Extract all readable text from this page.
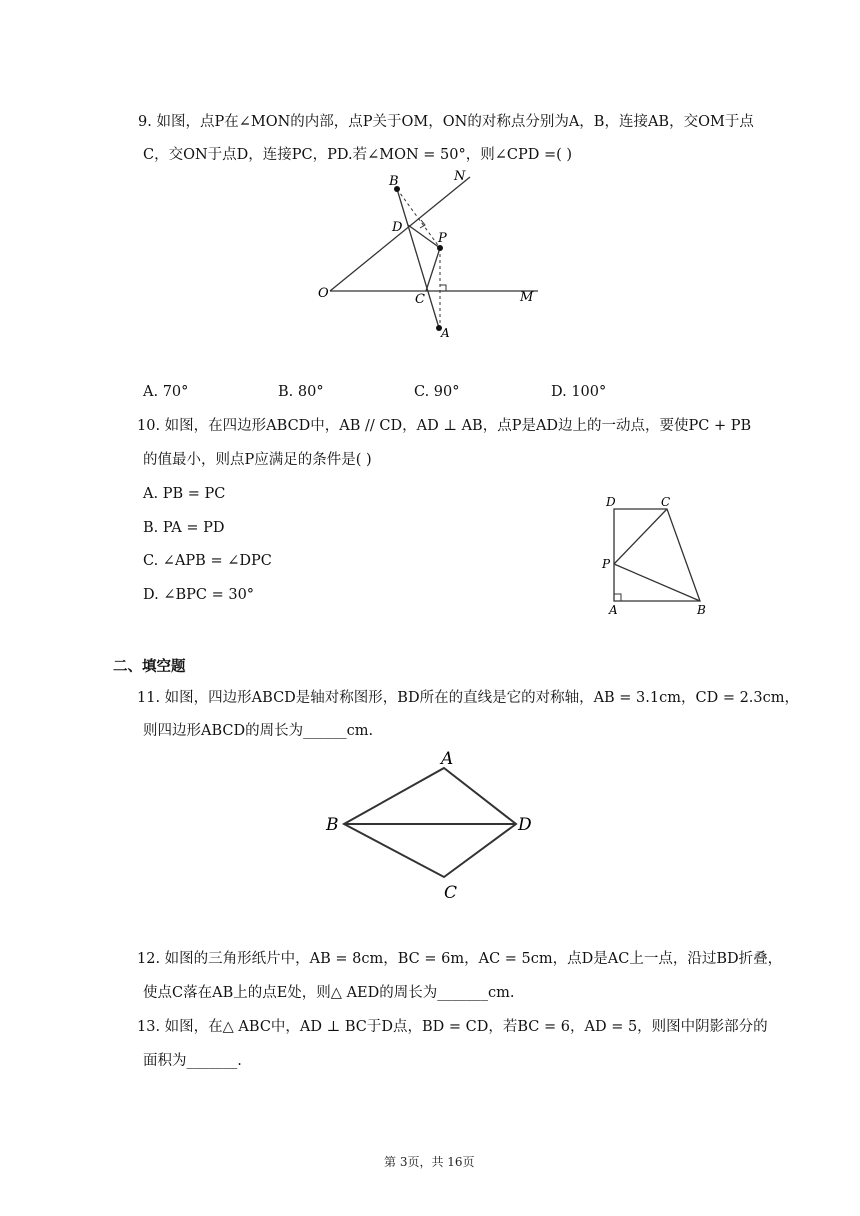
9. 如图，点P在∠MON的内部，点P关于OM，ON的对称点分别为A，B，连接AB，交OM于点
C，交ON于点D，连接PC，PD.若∠MON = 50°，则∠CPD =( )
B	N
D
P
O	C	M
A
A. 70°	B. 80°	C. 90°	D. 100°
10. 如图，在四边形ABCD中，AB // CD，AD ⊥ AB，点P是AD边上的一动点，要使PC + PB
的值最小，则点P应满足的条件是( )
A. PB = PC
B. PA = PD
C. ∠APB = ∠DPC
D. ∠BPC = 30°
D	C
P
A	B
二、填空题
11. 如图，四边形ABCD是轴对称图形，BD所在的直线是它的对称轴，AB = 3.1cm，CD = 2.3cm，
则四边形ABCD的周长为______cm.
A
B	D
C
12. 如图的三角形纸片中，AB = 8cm，BC = 6m，AC = 5cm，点D是AC上一点，沿过BD折叠，
使点C落在AB上的点E处，则△ AED的周长为_______cm.
13. 如图，在△ ABC中，AD ⊥ BC于D点，BD = CD，若BC = 6，AD = 5，则图中阴影部分的
面积为_______.
第 3页，共 16页
